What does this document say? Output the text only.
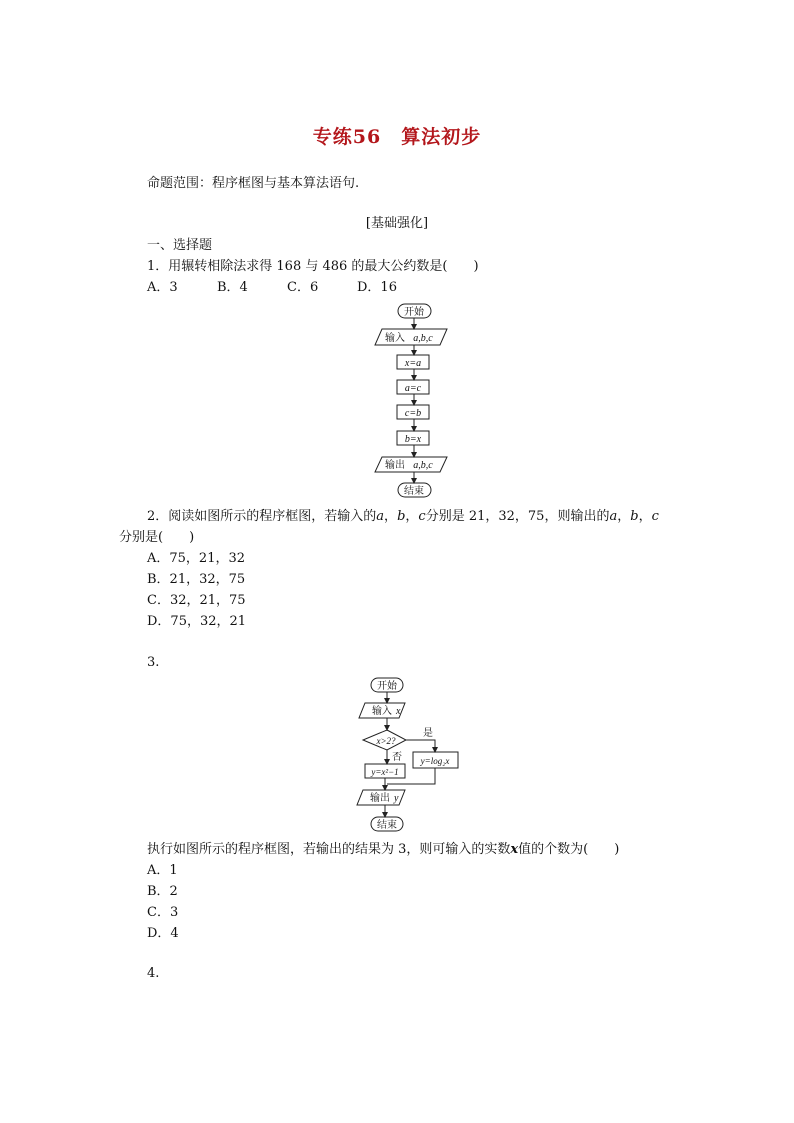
专练56　算法初步
命题范围：程序框图与基本算法语句.
[基础强化]
一、选择题
1．用辗转相除法求得 168 与 486 的最大公约数是(　　)
A．3	B．4	C．6	D．16
开始
输入 a,b,c
x=a
a=c
c=b
b=x
输出 a,b,c
结束
2．阅读如图所示的程序框图，若输入的a，b，c分别是 21，32，75，则输出的a，b，c
分别是(　　)
A．75，21，32
B．21，32，75
C．32，21，75
D．75，32，21
3.
开始
输入 x
x>2?
是
否
y=x²−1
y=log₂x
输出 y
结束
执行如图所示的程序框图，若输出的结果为 3，则可输入的实数x值的个数为(　　)
A．1
B．2
C．3
D．4
4.
